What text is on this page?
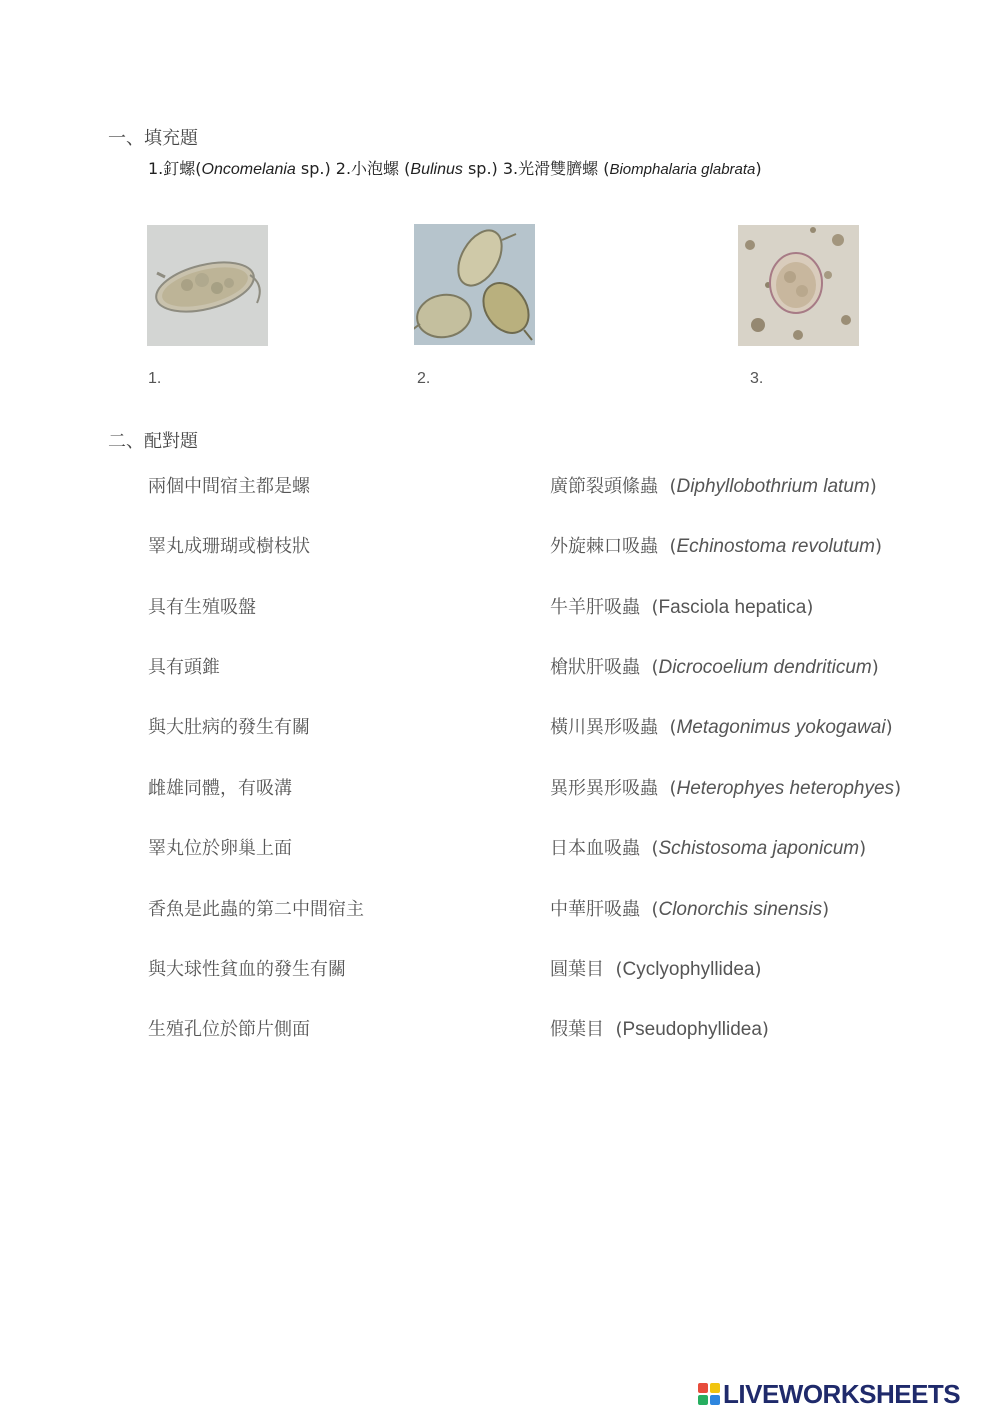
一、填充題
1.釘螺(Oncomelania sp.) 2.小泡螺 (Bulinus sp.) 3.光滑雙臍螺 (Biomphalaria glabrata)
1.	2.	3.
二、配對題
兩個中間宿主都是螺
睪丸成珊瑚或樹枝狀
具有生殖吸盤
具有頭錐
與大肚病的發生有關
雌雄同體，有吸溝
睪丸位於卵巢上面
香魚是此蟲的第二中間宿主
與大球性貧血的發生有關
生殖孔位於節片側面
廣節裂頭絛蟲  (Diphyllobothrium latum)
外旋棘口吸蟲  (Echinostoma revolutum)
牛羊肝吸蟲  (Fasciola hepatica)
槍狀肝吸蟲  (Dicrocoelium dendriticum)
橫川異形吸蟲  (Metagonimus yokogawai)
異形異形吸蟲  (Heterophyes heterophyes)
日本血吸蟲  (Schistosoma japonicum)
中華肝吸蟲  (Clonorchis sinensis)
圓葉目  (Cyclyophyllidea)
假葉目  (Pseudophyllidea)
LIVEWORKSHEETS
